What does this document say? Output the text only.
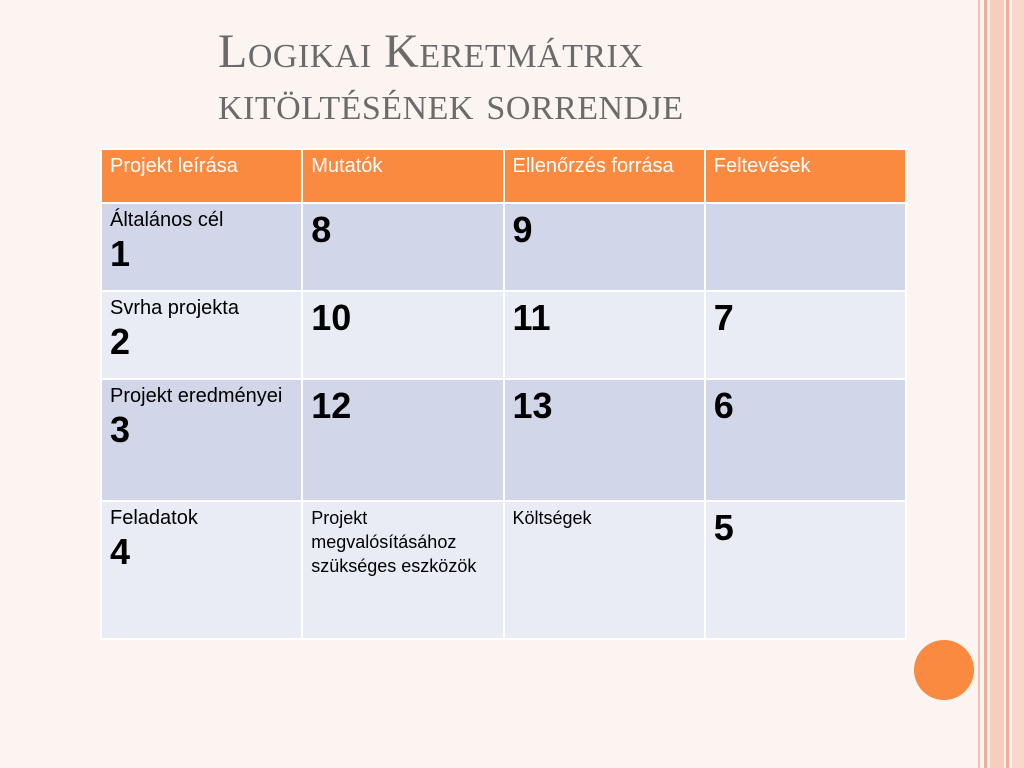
Logikai Keretmátrix
kitöltésének sorrendje
Projekt leírása	Mutatók	Ellenőrzés forrása	Feltevések
Általános cél
1	8	9	

Svrha projekta
2	10	11	7

Projekt eredményei
3	12	13	6

Feladatok
4	Projekt megvalósításához szükséges eszközök	Költségek	5
